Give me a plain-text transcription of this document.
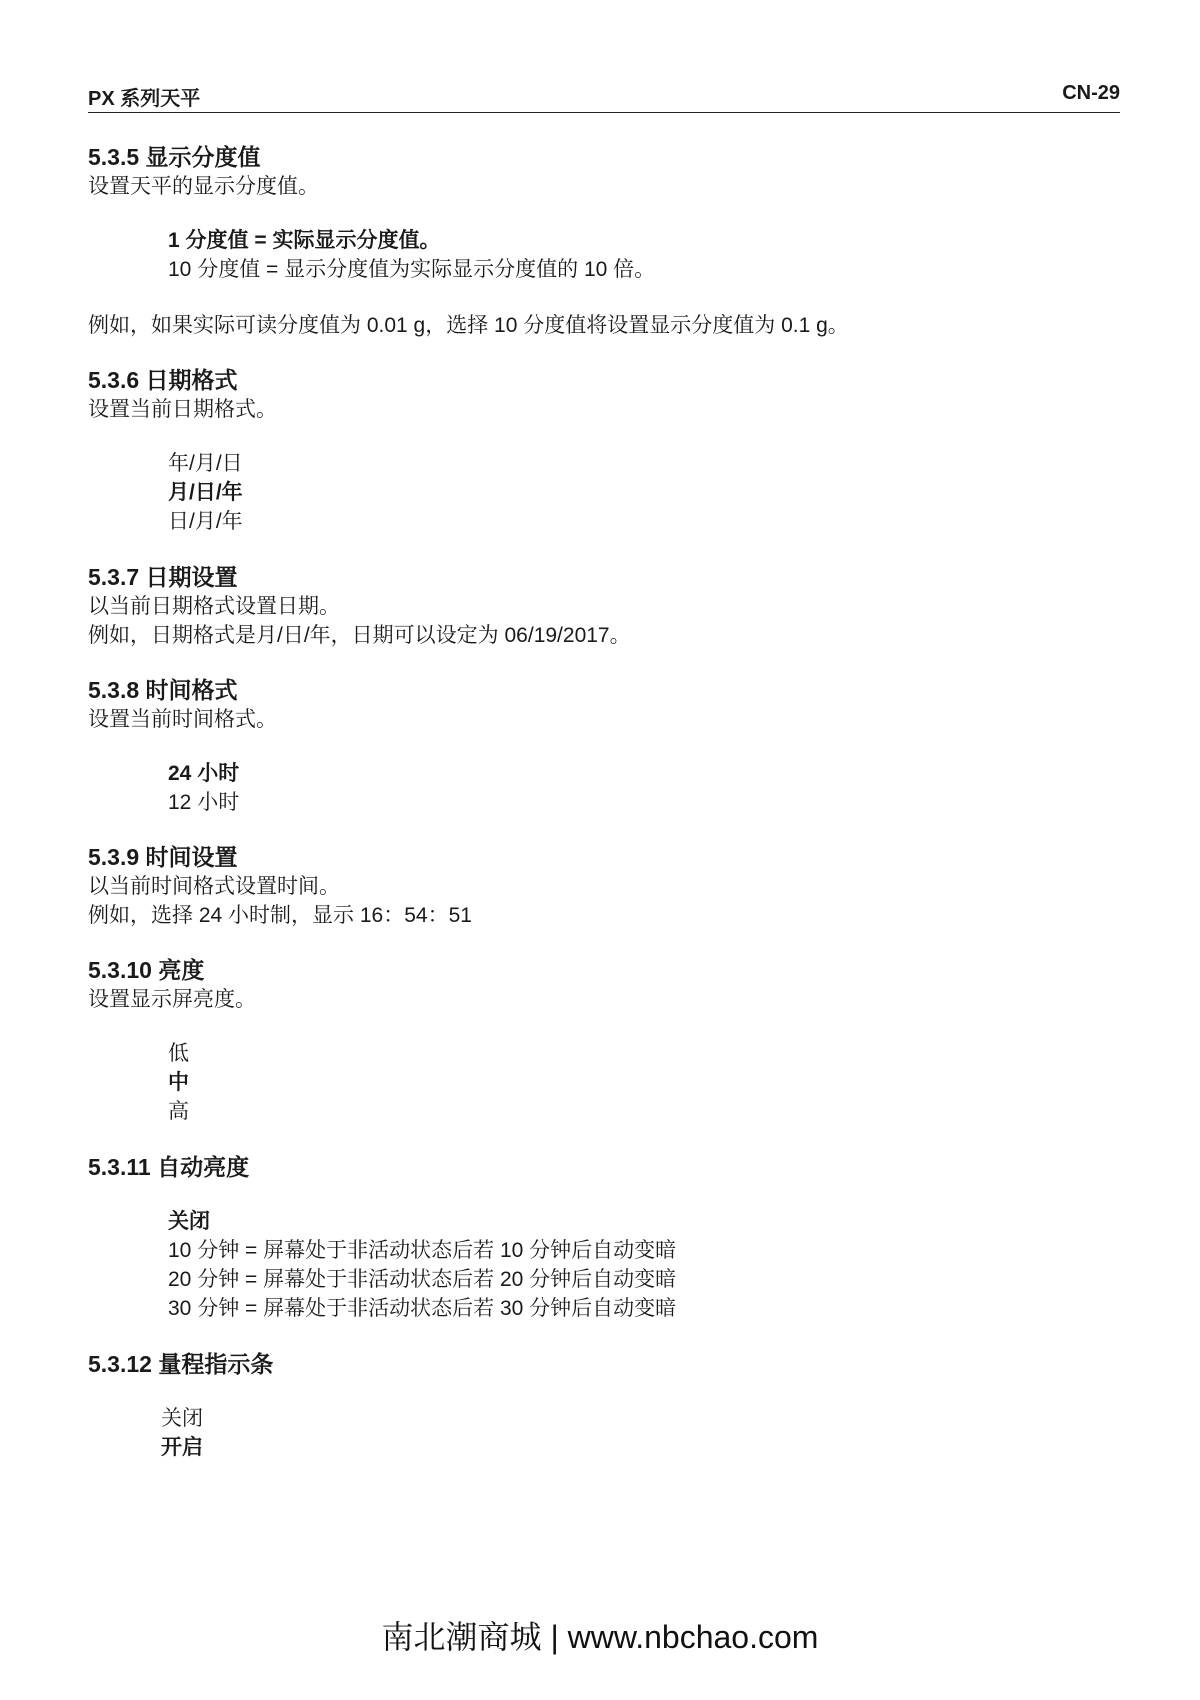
PX 系列天平	CN-29
5.3.5 显示分度值
设置天平的显示分度值。
1 分度值 = 实际显示分度值。
10 分度值 = 显示分度值为实际显示分度值的 10 倍。
例如，如果实际可读分度值为 0.01 g，选择 10 分度值将设置显示分度值为 0.1 g。
5.3.6 日期格式
设置当前日期格式。
年/月/日
月/日/年
日/月/年
5.3.7 日期设置
以当前日期格式设置日期。
例如，日期格式是月/日/年，日期可以设定为 06/19/2017。
5.3.8 时间格式
设置当前时间格式。
24 小时
12 小时
5.3.9 时间设置
以当前时间格式设置时间。
例如，选择 24 小时制，显示 16：54：51
5.3.10 亮度
设置显示屏亮度。
低
中
高
5.3.11 自动亮度
关闭
10 分钟 = 屏幕处于非活动状态后若 10 分钟后自动变暗
20 分钟 = 屏幕处于非活动状态后若 20 分钟后自动变暗
30 分钟 = 屏幕处于非活动状态后若 30 分钟后自动变暗
5.3.12 量程指示条
关闭
开启
南北潮商城 | www.nbchao.com
